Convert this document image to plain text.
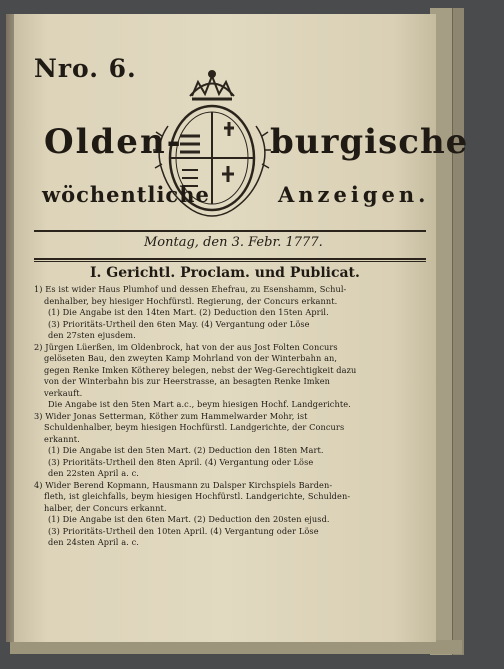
Nro. 6.
Olden-	burgische
wöchentliche	Anzeigen.
Montag, den 3. Febr. 1777.
I. Gerichtl. Proclam. und Publicat.

1) Es ist wider Haus Plumhof und dessen Ehefrau, zu Esenshamm, Schul-

denhalber, bey hiesiger Hochfürstl. Regierung, der Concurs erkannt.

(1) Die Angabe ist den 14ten Mart. (2) Deduction den 15ten April.

(3) Prioritäts-Urtheil den 6ten May. (4) Vergantung oder Löse

den 27sten ejusdem.

2) Jürgen Lüerßen, im Oldenbrock, hat von der aus Jost Folten Concurs

gelöseten Bau, den zweyten Kamp Mohrland von der Winterbahn an,

gegen Renke Imken Kötherey belegen, nebst der Weg-Gerechtigkeit dazu

von der Winterbahn bis zur Heerstrasse, an besagten Renke Imken

verkauft.

Die Angabe ist den 5ten Mart a.c., beym hiesigen Hochf. Landgerichte.

3) Wider Jonas Setterman, Köther zum Hammelwarder Mohr, ist

Schuldenhalber, beym hiesigen Hochfürstl. Landgerichte, der Concurs

erkannt.

(1) Die Angabe ist den 5ten Mart. (2) Deduction den 18ten Mart.

(3) Prioritäts-Urtheil den 8ten April. (4) Vergantung oder Löse

den 22sten April a. c.

4) Wider Berend Kopmann, Hausmann zu Dalsper Kirchspiels Barden-

fleth, ist gleichfalls, beym hiesigen Hochfürstl. Landgerichte, Schulden-

halber, der Concurs erkannt.

(1) Die Angabe ist den 6ten Mart. (2) Deduction den 20sten ejusd.

(3) Prioritäts-Urtheil den 10ten April. (4) Vergantung oder Löse

den 24sten April a. c.
